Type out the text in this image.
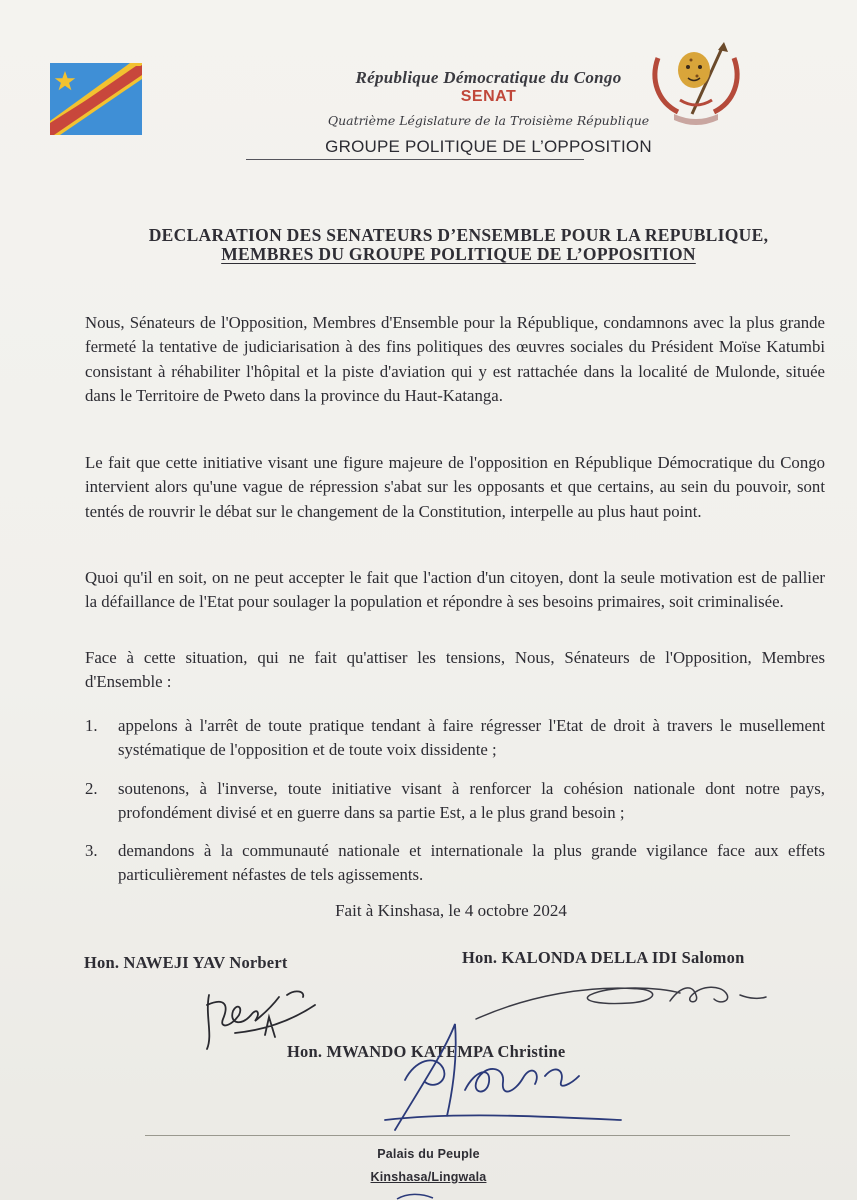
République Démocratique du Congo
SENAT
Quatrième Législature de la Troisième République
GROUPE POLITIQUE DE L’OPPOSITION
DECLARATION DES SENATEURS D’ENSEMBLE POUR LA REPUBLIQUE,
MEMBRES DU GROUPE POLITIQUE DE L’OPPOSITION
Nous, Sénateurs de l'Opposition, Membres d'Ensemble pour la République, condamnons avec la plus grande fermeté la tentative de judiciarisation à des fins politiques des œuvres sociales du Président Moïse Katumbi consistant à réhabiliter l'hôpital et la piste d'aviation qui y est rattachée dans la localité de Mulonde, située dans le Territoire de Pweto dans la province du Haut-Katanga.
Le fait que cette initiative visant une figure majeure de l'opposition en République Démocratique du Congo intervient alors qu'une vague de répression s'abat sur les opposants et que certains, au sein du pouvoir, sont tentés de rouvrir le débat sur le changement de la Constitution, interpelle au plus haut point.
Quoi qu'il en soit, on ne peut accepter le fait que l'action d'un citoyen, dont la seule motivation est de pallier la défaillance de l'Etat pour soulager la population et répondre à ses besoins primaires, soit criminalisée.
Face à cette situation, qui ne fait qu'attiser les tensions, Nous, Sénateurs de l'Opposition, Membres d'Ensemble :
1.	appelons à l'arrêt de toute pratique tendant à faire régresser l'Etat de droit à travers le musellement systématique de l'opposition et de toute voix dissidente ;
2.	soutenons, à l'inverse, toute initiative visant à renforcer la cohésion nationale dont notre pays, profondément divisé et en guerre dans sa partie Est, a le plus grand besoin ;
3.	demandons à la communauté nationale et internationale la plus grande vigilance face aux effets particulièrement néfastes de tels agissements.
Fait à Kinshasa, le 4 octobre 2024
Hon. NAWEJI YAV Norbert	Hon. KALONDA DELLA IDI Salomon
Hon. MWANDO KATEMPA Christine
Palais du Peuple
Kinshasa/Lingwala
